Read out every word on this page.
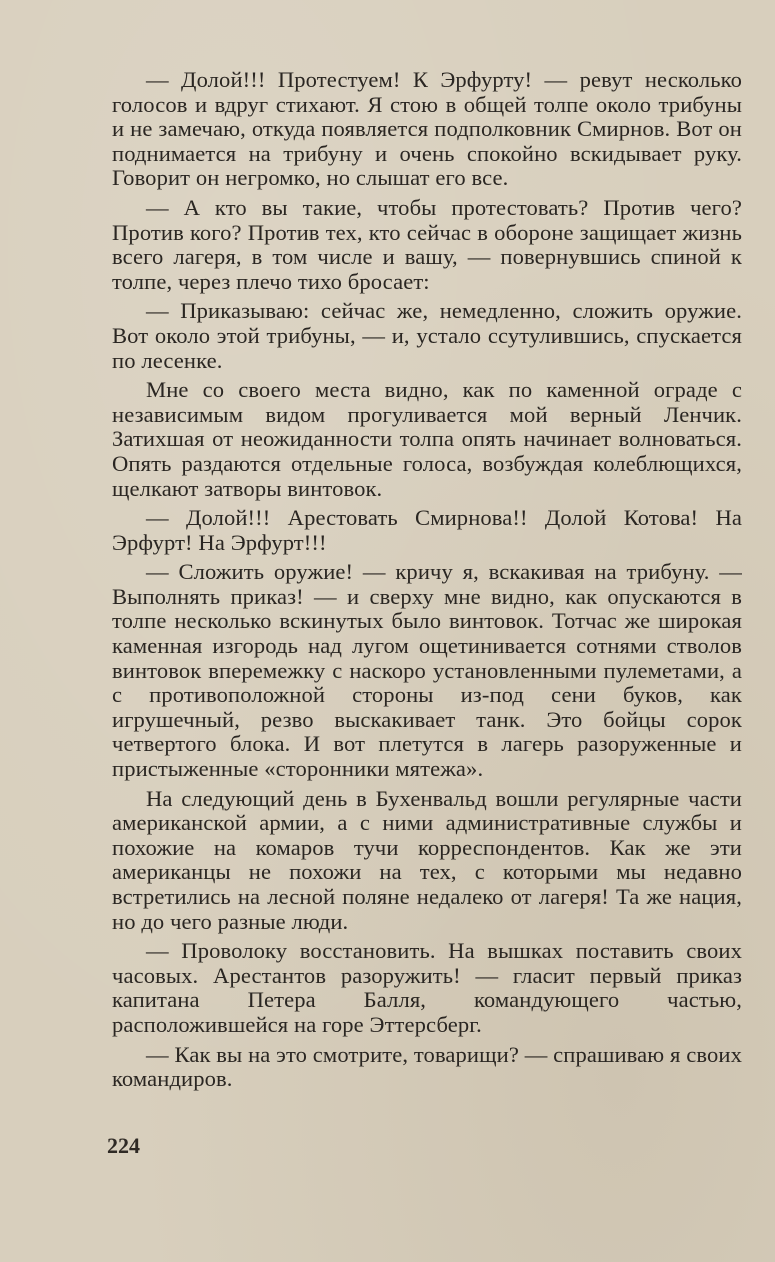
— Долой!!! Протестуем! К Эрфурту! — ревут несколько голосов и вдруг стихают. Я стою в общей толпе около трибуны и не замечаю, откуда появляется подполковник Смирнов. Вот он поднимается на трибуну и очень спокойно вскидывает руку. Говорит он негромко, но слышат его все.

— А кто вы такие, чтобы протестовать? Против чего? Против кого? Против тех, кто сейчас в обороне защищает жизнь всего лагеря, в том числе и вашу, — повернувшись спиной к толпе, через плечо тихо бросает:

— Приказываю: сейчас же, немедленно, сложить оружие. Вот около этой трибуны, — и, устало ссутулившись, спускается по лесенке.

Мне со своего места видно, как по каменной ограде с независимым видом прогуливается мой верный Ленчик. Затихшая от неожиданности толпа опять начинает волноваться. Опять раздаются отдельные голоса, возбуждая колеблющихся, щелкают затворы винтовок.

— Долой!!! Арестовать Смирнова!! Долой Котова! На Эрфурт! На Эрфурт!!!

— Сложить оружие! — кричу я, вскакивая на трибуну. — Выполнять приказ! — и сверху мне видно, как опускаются в толпе несколько вскинутых было винтовок. Тотчас же широкая каменная изгородь над лугом ощетинивается сотнями стволов винтовок вперемежку с наскоро установленными пулеметами, а с противоположной стороны из-под сени буков, как игрушечный, резво выскакивает танк. Это бойцы сорок четвертого блока. И вот плетутся в лагерь разоруженные и пристыженные «сторонники мятежа».

На следующий день в Бухенвальд вошли регулярные части американской армии, а с ними административные службы и похожие на комаров тучи корреспондентов. Как же эти американцы не похожи на тех, с которыми мы недавно встретились на лесной поляне недалеко от лагеря! Та же нация, но до чего разные люди.

— Проволоку восстановить. На вышках поставить своих часовых. Арестантов разоружить! — гласит первый приказ капитана Петера Балля, командующего частью, расположившейся на горе Эттерсберг.

— Как вы на это смотрите, товарищи? — спрашиваю я своих командиров.

224
